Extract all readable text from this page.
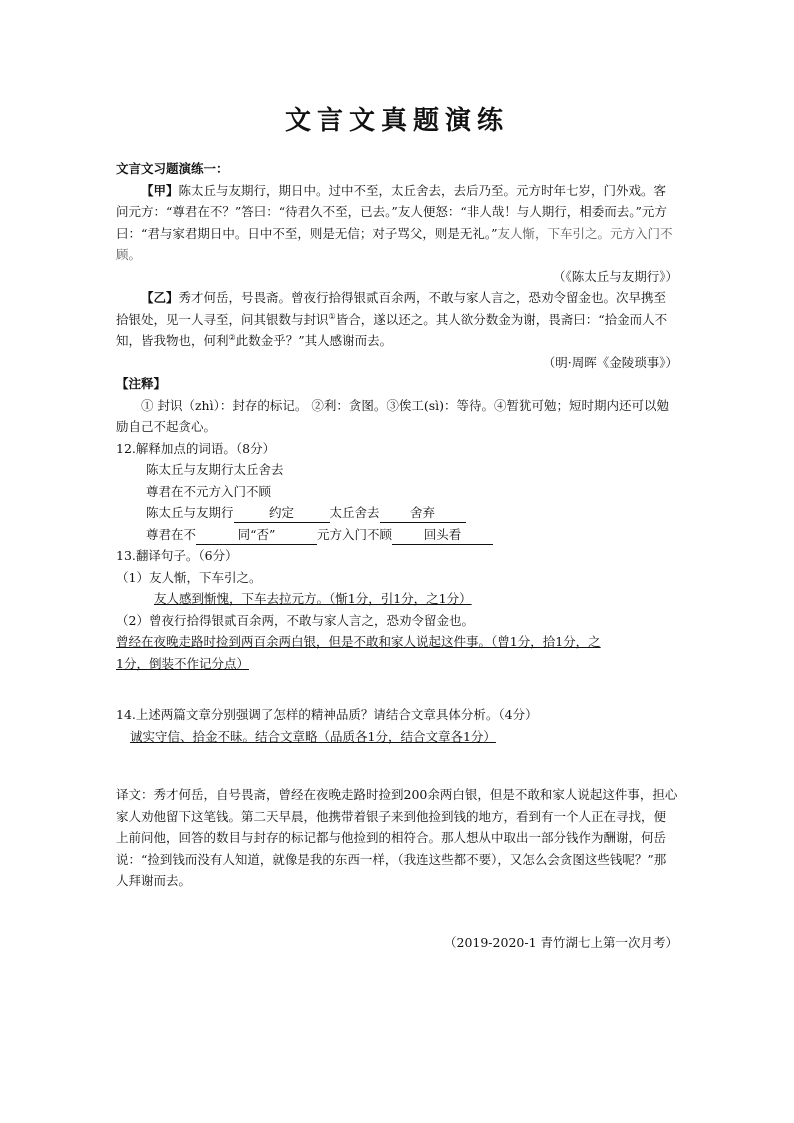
文言文真题演练

文言文习题演练一：

【甲】陈太丘与友期行，期日中。过中不至，太丘舍去，去后乃至。元方时年七岁，门外戏。客问元方：“尊君在不？”答曰：“待君久不至，已去。”友人便怒：“非人哉！与人期行，相委而去。”元方曰：“君与家君期日中。日中不至，则是无信；对子骂父，则是无礼。”友人惭，下车引之。元方入门不顾。

（《陈太丘与友期行》）

【乙】秀才何岳，号畏斋。曾夜行拾得银贰百余两，不敢与家人言之，恐劝令留金也。次早携至拾银处，见一人寻至，问其银数与封识①皆合，遂以还之。其人欲分数金为谢，畏斋曰：“拾金而人不知，皆我物也，何利②此数金乎？”其人感谢而去。

（明·周晖《金陵琐事》）

【注释】

① 封识（zhì）：封存的标记。 ②利：贪图。③俟工(sì)：等待。④暂犹可勉；短时期内还可以勉励自己不起贪心。

12.解释加点的词语。（8分）

陈太丘与友期行太丘舍去

尊君在不元方入门不顾

陈太丘与友期行	约定	太丘舍去 舍弃

尊君在不	同“否”	元方入门不顾	回头看

13.翻译句子。（6分）

（1）友人惭，下车引之。

友人感到惭愧，下车去拉元方。（惭1分，引1分，之1分）

（2）曾夜行拾得银贰百余两，不敢与家人言之，恐劝令留金也。

曾经在夜晚走路时捡到两百余两白银，但是不敢和家人说起这件事。（曾1分，拾1分，之

1分，倒装不作记分点）

14.上述两篇文章分别强调了怎样的精神品质？请结合文章具体分析。（4分）

诚实守信、拾金不昧。结合文章略（品质各1分，结合文章各1分）

译文：秀才何岳，自号畏斋，曾经在夜晚走路时捡到200余两白银，但是不敢和家人说起这件事，担心家人劝他留下这笔钱。第二天早晨，他携带着银子来到他捡到钱的地方，看到有一个人正在寻找，便上前问他，回答的数目与封存的标记都与他捡到的相符合。那人想从中取出一部分钱作为酬谢，何岳说：“捡到钱而没有人知道，就像是我的东西一样，（我连这些都不要），又怎么会贪图这些钱呢？”那人拜谢而去。

（2019-2020-1 青竹湖七上第一次月考）
